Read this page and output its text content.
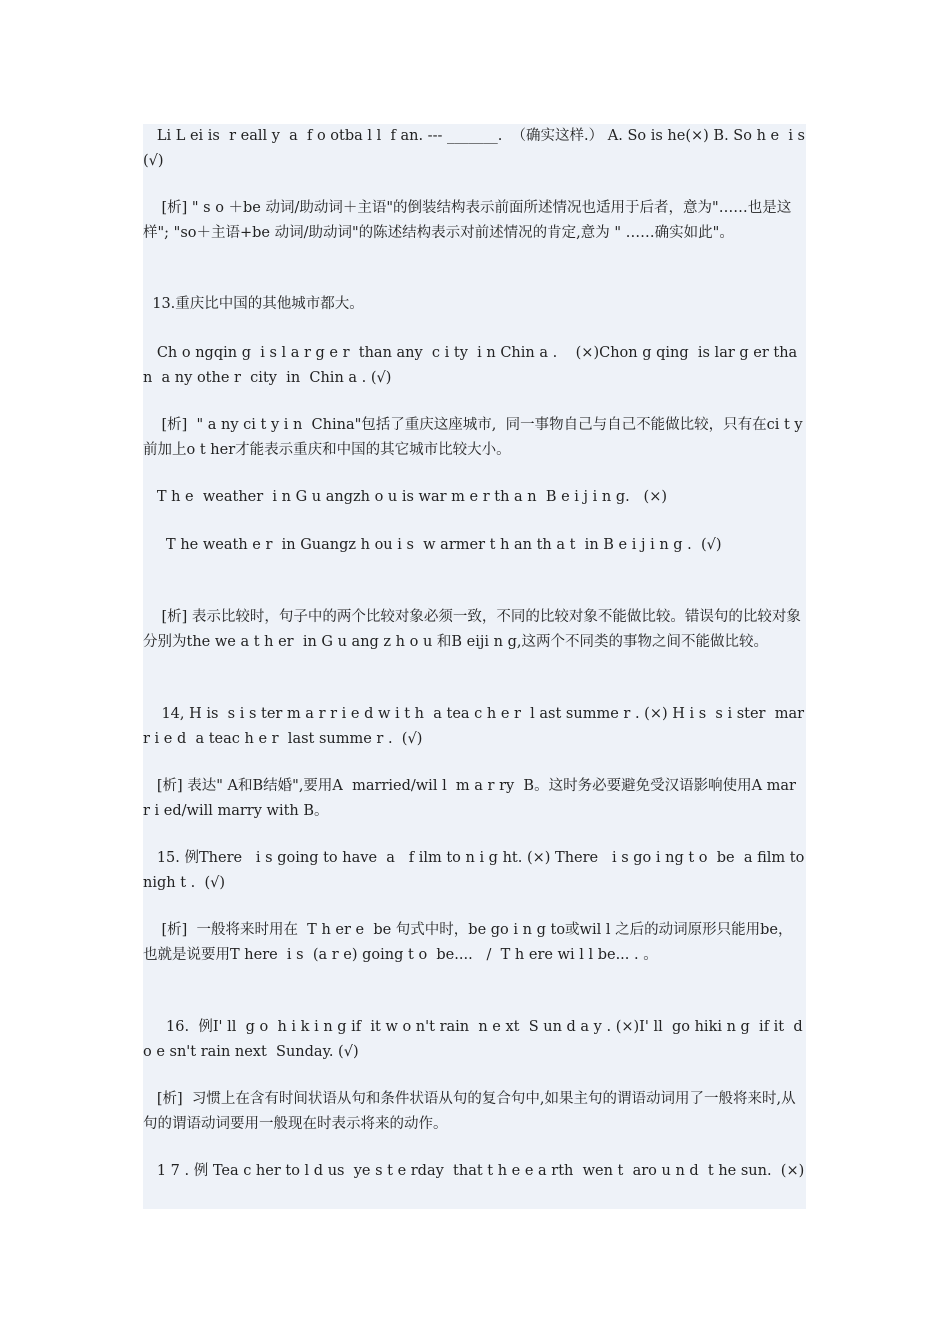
Li L ei is  r eall y  a  f o otba l l  f an. --- _______.  （确实这样.） A. So is he(×) B. So h e  i s(√)

[析] " s o ＋be 动词/助动词＋主语"的倒装结构表示前面所述情况也适用于后者，意为"……也是这样"; "so＋主语+be 动词/助动词"的陈述结构表示对前述情况的肯定,意为 " ……确实如此"。

13.重庆比中国的其他城市都大。

Ch o ngqin g  i s l a r g e r  than any  c i ty  i n Chin a .    (×)Chon g qing  is lar g er tha n  a ny othe r  city  in  Chin a . (√)

[析]  " a ny ci t y i n  China"包括了重庆这座城市,  同一事物自己与自己不能做比较，只有在ci t y 前加上o t her才能表示重庆和中国的其它城市比较大小。

T h e  weather  i n G u angzh o u is war m e r th a n  B e i j i n g.   (×)

T he weath e r  in Guangz h ou i s  w armer t h an th a t  in B e i j i n g .  (√)

[析] 表示比较时，句子中的两个比较对象必须一致，不同的比较对象不能做比较。错误句的比较对象分别为the we a t h er  in G u ang z h o u 和B eiji n g,这两个不同类的事物之间不能做比较。

14, H is  s i s ter m a r r i e d w i t h  a tea c h e r  l ast summe r . (×) H i s  s i ster  marr i e d  a teac h e r  last summe r .  (√)

[析] 表达" A和B结婚",要用A  married/wil l  m a r ry  B。这时务必要避免受汉语影响使用A mar r i ed/will marry with B。

15. 例There   i s going to have  a   f ilm to n i g ht. (×) There   i s go i ng t o  be  a film tonigh t .  (√)

[析]  一般将来时用在  T h er e  be 句式中时，be go i n g to或wil l 之后的动词原形只能用be，也就是说要用T here  i s  (a r e) going t o  be....   /  T h ere wi l l be... . 。

16.  例I' ll  g o  h i k i n g if  it w o n't rain  n e xt  S un d a y . (×)I' ll  go hiki n g  if it  d o e sn't rain next  Sunday. (√)

[析]  习惯上在含有时间状语从句和条件状语从句的复合句中,如果主句的谓语动词用了一般将来时,从句的谓语动词要用一般现在时表示将来的动作。

1 7 . 例 Tea c her to l d us  ye s t e rday  that t h e e a rth  wen t  aro u n d  t he sun.  (×)
